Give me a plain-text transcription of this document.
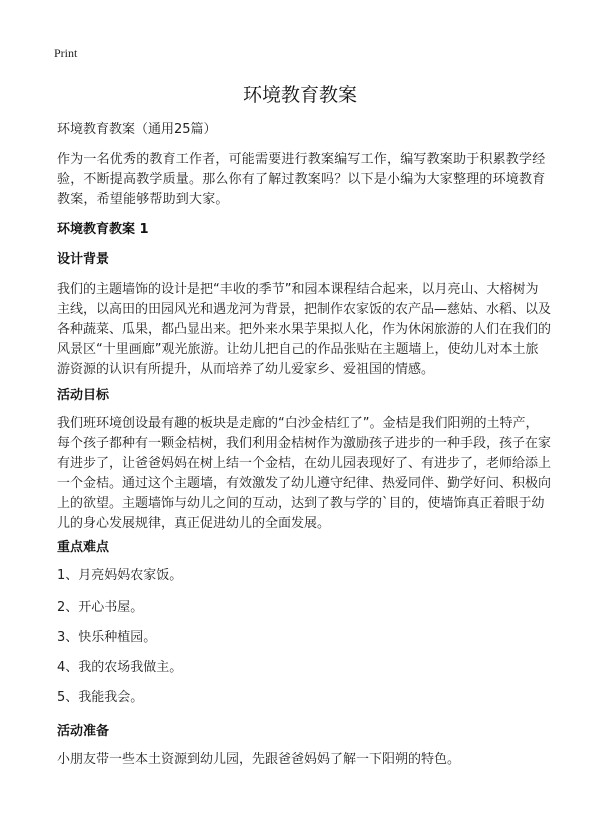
Print
环境教育教案

环境教育教案（通用25篇）

作为一名优秀的教育工作者，可能需要进行教案编写工作，编写教案助于积累教学经验，不断提高教学质量。那么你有了解过教案吗？以下是小编为大家整理的环境教育教案，希望能够帮助到大家。

环境教育教案 1

设计背景

我们的主题墙饰的设计是把“丰收的季节”和园本课程结合起来，以月亮山、大榕树为主线，以高田的田园风光和遇龙河为背景，把制作农家饭的农产品—慈姑、水稻、以及各种蔬菜、瓜果，都凸显出来。把外来水果芋果拟人化，作为休闲旅游的人们在我们的风景区“十里画廊”观光旅游。让幼儿把自己的作品张贴在主题墙上，使幼儿对本土旅游资源的认识有所提升，从而培养了幼儿爱家乡、爱祖国的情感。

活动目标

我们班环境创设最有趣的板块是走廊的“白沙金桔红了”。金桔是我们阳朔的土特产，每个孩子都种有一颗金桔树，我们利用金桔树作为激励孩子进步的一种手段，孩子在家有进步了，让爸爸妈妈在树上结一个金桔，在幼儿园表现好了、有进步了，老师给添上一个金桔。通过这个主题墙，有效激发了幼儿遵守纪律、热爱同伴、勤学好问、积极向上的欲望。主题墙饰与幼儿之间的互动，达到了教与学的`目的，使墙饰真正着眼于幼儿的身心发展规律，真正促进幼儿的全面发展。

重点难点

1、月亮妈妈农家饭。

2、开心书屋。

3、快乐种植园。

4、我的农场我做主。

5、我能我会。

活动准备

小朋友带一些本土资源到幼儿园，先跟爸爸妈妈了解一下阳朔的特色。
